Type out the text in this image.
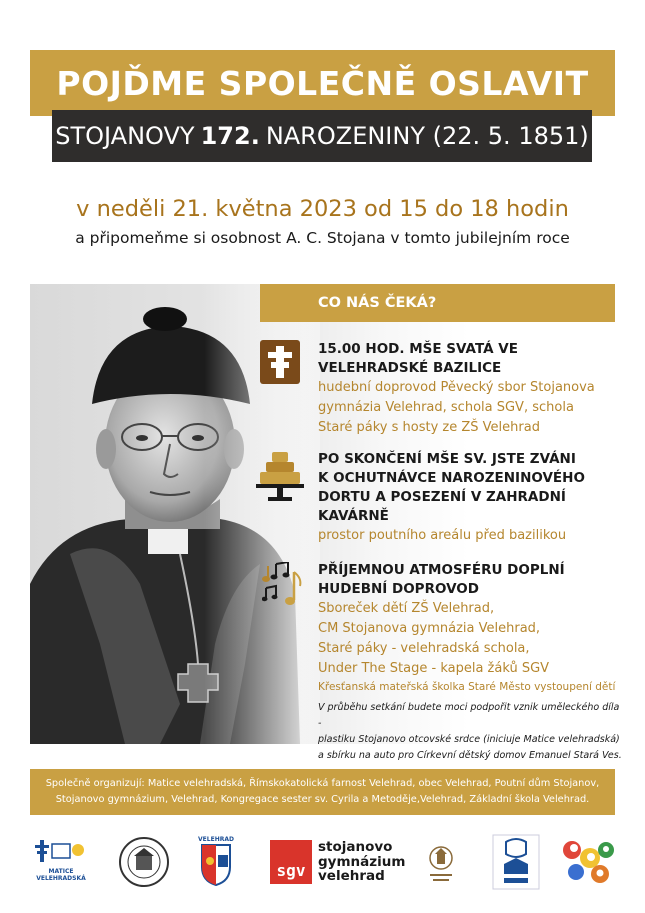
POJĎME SPOLEČNĚ OSLAVIT
STOJANOVY 172. NAROZENINY (22. 5. 1851)
v neděli 21. května 2023 od 15 do 18 hodin
a připomeňme si osobnost A. C. Stojana v tomto jubilejním roce
CO NÁS ČEKÁ?
15.00 HOD. MŠE SVATÁ VE
VELEHRADSKÉ BAZILICE
hudební doprovod Pěvecký sbor Stojanova
gymnázia Velehrad, schola SGV, schola
Staré páky s hosty ze ZŠ Velehrad
PO SKONČENÍ MŠE SV. JSTE ZVÁNI
K OCHUTNÁVCE NAROZENINOVÉHO
DORTU A POSEZENÍ V ZAHRADNÍ
KAVÁRNĚ
prostor poutního areálu před bazilikou
PŘÍJEMNOU ATMOSFÉRU DOPLNÍ
HUDEBNÍ DOPROVOD
Sboreček dětí ZŠ Velehrad,
CM Stojanova gymnázia Velehrad,
Staré páky - velehradská schola,
Under The Stage - kapela žáků SGV
Křesťanská mateřská školka Staré Město vystoupení dětí
V průběhu setkání budete moci podpořit vznik uměleckého díla -
plastiku Stojanovo otcovské srdce (iniciuje Matice velehradská)
a sbírku na auto pro Církevní dětský domov Emanuel Stará Ves.
Společně organizují: Matice velehradská, Římskokatolická farnost Velehrad, obec Velehrad, Poutní dům Stojanov,
Stojanovo gymnázium, Velehrad, Kongregace sester sv. Cyrila a Metoděje,Velehrad, Základní škola Velehrad.
MATICE
VELEHRADSKÁ
VELEHRAD
sgv
stojanovo
gymnázium
velehrad
